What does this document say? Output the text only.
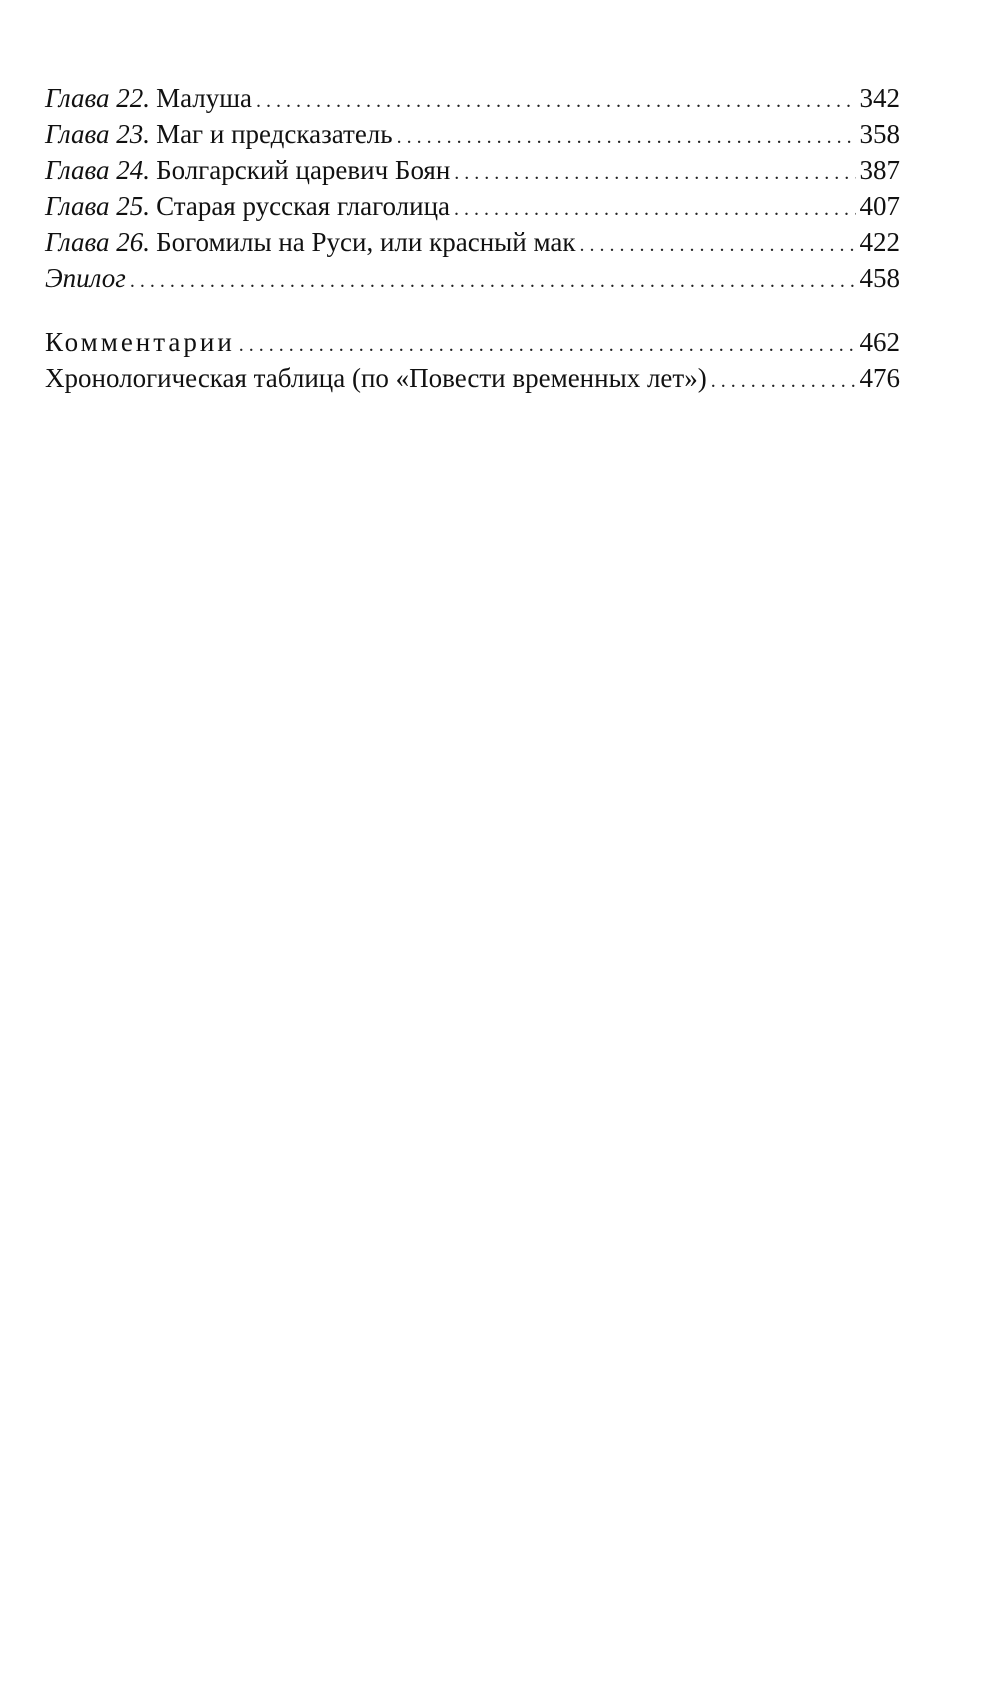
Глава 22. Малуша . . .	342
Глава 23. Маг и предсказатель . . .	358
Глава 24. Болгарский царевич Боян . . .	387
Глава 25. Старая русская глаголица . . .	407
Глава 26. Богомилы на Руси, или красный мак . . .	422
Эпилог . . .	458
Комментарии . . .	462
Хронологическая таблица (по «Повести временных лет») . . .	476
